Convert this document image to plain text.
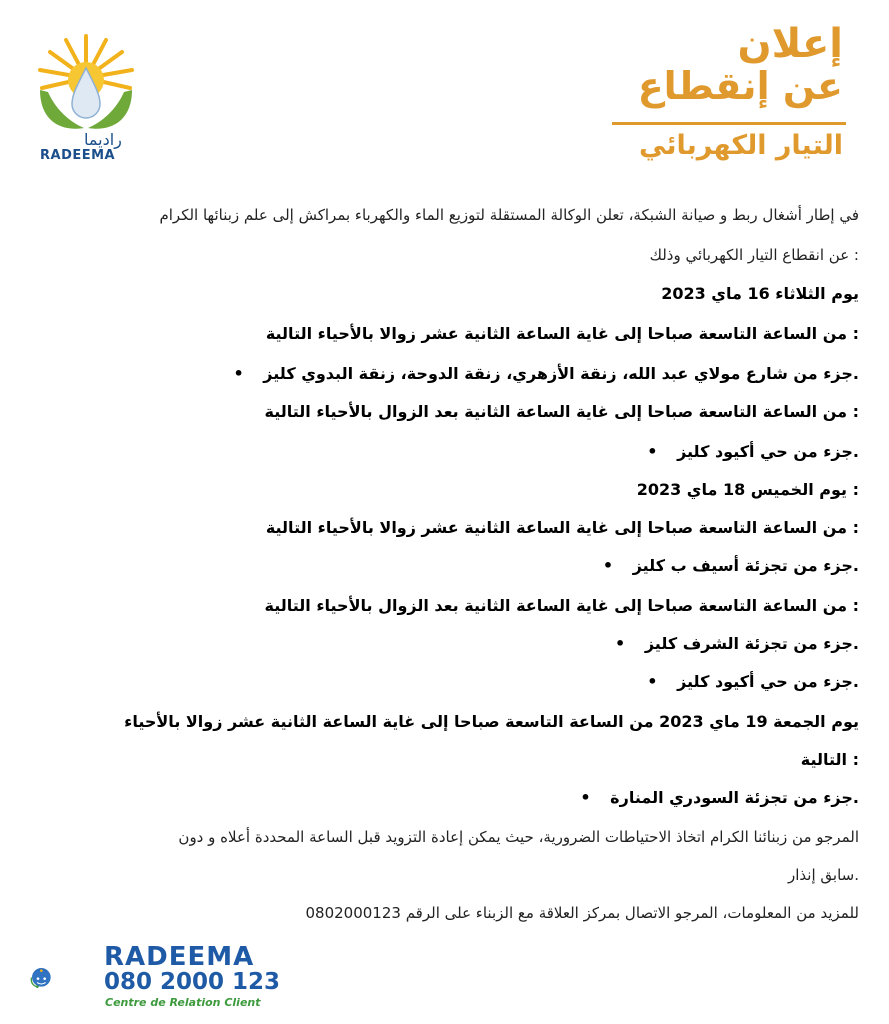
راديما
RADEEMA
إعلان
عن إنقطاع
التيار الكهربائي
في إطار أشغال ربط و صيانة الشبكة، تعلن الوكالة المستقلة لتوزيع الماء والكهرباء بمراكش إلى علم زبنائها الكرام
: عن انقطاع التيار الكهربائي وذلك
يوم الثلاثاء 16 ماي 2023
: من الساعة التاسعة صباحا إلى غاية الساعة الثانية عشر زوالا بالأحياء التالية
.جزء من شارع مولاي عبد الله، زنقة الأزهري، زنقة الدوحة، زنقة البدوي كليز •
: من الساعة التاسعة صباحا إلى غاية الساعة الثانية بعد الزوال بالأحياء التالية
.جزء من حي أكيود كليز •
: يوم الخميس 18 ماي 2023
: من الساعة التاسعة صباحا إلى غاية الساعة الثانية عشر زوالا بالأحياء التالية
.جزء من تجزئة أسيف ب كليز •
: من الساعة التاسعة صباحا إلى غاية الساعة الثانية بعد الزوال بالأحياء التالية
.جزء من تجزئة الشرف كليز •
.جزء من حي أكيود كليز •
يوم الجمعة 19 ماي 2023 من الساعة التاسعة صباحا إلى غاية الساعة الثانية عشر زوالا بالأحياء
: التالية
.جزء من تجزئة السودري المنارة •
المرجو من زبنائنا الكرام اتخاذ الاحتياطات الضرورية، حيث يمكن إعادة التزويد قبل الساعة المحددة أعلاه و دون
.سابق إنذار
للمزيد من المعلومات، المرجو الاتصال بمركز العلاقة مع الزبناء على الرقم 0802000123
RADEEMA
080 2000 123
Centre de Relation Client
